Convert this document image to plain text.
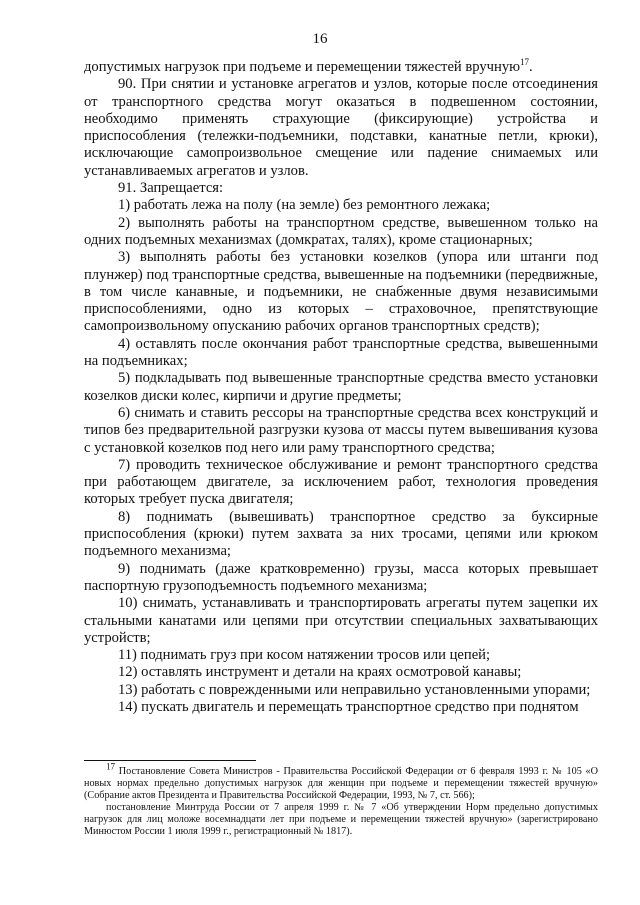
16

допустимых нагрузок при подъеме и перемещении тяжестей вручную$^{17}$.

90. При снятии и установке агрегатов и узлов, которые после отсоединения от транспортного средства могут оказаться в подвешенном состоянии, необходимо применять страхующие (фиксирующие) устройства и приспособления (тележки-подъемники, подставки, канатные петли, крюки), исключающие самопроизвольное смещение или падение снимаемых или устанавливаемых агрегатов и узлов.

91. Запрещается:

1) работать лежа на полу (на земле) без ремонтного лежака;

2) выполнять работы на транспортном средстве, вывешенном только на одних подъемных механизмах (домкратах, талях), кроме стационарных;

3) выполнять работы без установки козелков (упора или штанги под плунжер) под транспортные средства, вывешенные на подъемники (передвижные, в том числе канавные, и подъемники, не снабженные двумя независимыми приспособлениями, одно из которых – страховочное, препятствующие самопроизвольному опусканию рабочих органов транспортных средств);

4) оставлять после окончания работ транспортные средства, вывешенными на подъемниках;

5) подкладывать под вывешенные транспортные средства вместо установки козелков диски колес, кирпичи и другие предметы;

6) снимать и ставить рессоры на транспортные средства всех конструкций и типов без предварительной разгрузки кузова от массы путем вывешивания кузова с установкой козелков под него или раму транспортного средства;

7) проводить техническое обслуживание и ремонт транспортного средства при работающем двигателе, за исключением работ, технология проведения которых требует пуска двигателя;

8) поднимать (вывешивать) транспортное средство за буксирные приспособления (крюки) путем захвата за них тросами, цепями или крюком подъемного механизма;

9) поднимать (даже кратковременно) грузы, масса которых превышает паспортную грузоподъемность подъемного механизма;

10) снимать, устанавливать и транспортировать агрегаты путем зацепки их стальными канатами или цепями при отсутствии специальных захватывающих устройств;

11) поднимать груз при косом натяжении тросов или цепей;

12) оставлять инструмент и детали на краях осмотровой канавы;

13) работать с поврежденными или неправильно установленными упорами;

14) пускать двигатель и перемещать транспортное средство при поднятом

$^{17}$ Постановление Совета Министров - Правительства Российской Федерации от 6 февраля 1993 г. № 105 «О новых нормах предельно допустимых нагрузок для женщин при подъеме и перемещении тяжестей вручную» (Собрание актов Президента и Правительства Российской Федерации, 1993, № 7, ст. 566);

постановление Минтруда России от 7 апреля 1999 г. № 7 «Об утверждении Норм предельно допустимых нагрузок для лиц моложе восемнадцати лет при подъеме и перемещении тяжестей вручную» (зарегистрировано Минюстом России 1 июля 1999 г., регистрационный № 1817).
